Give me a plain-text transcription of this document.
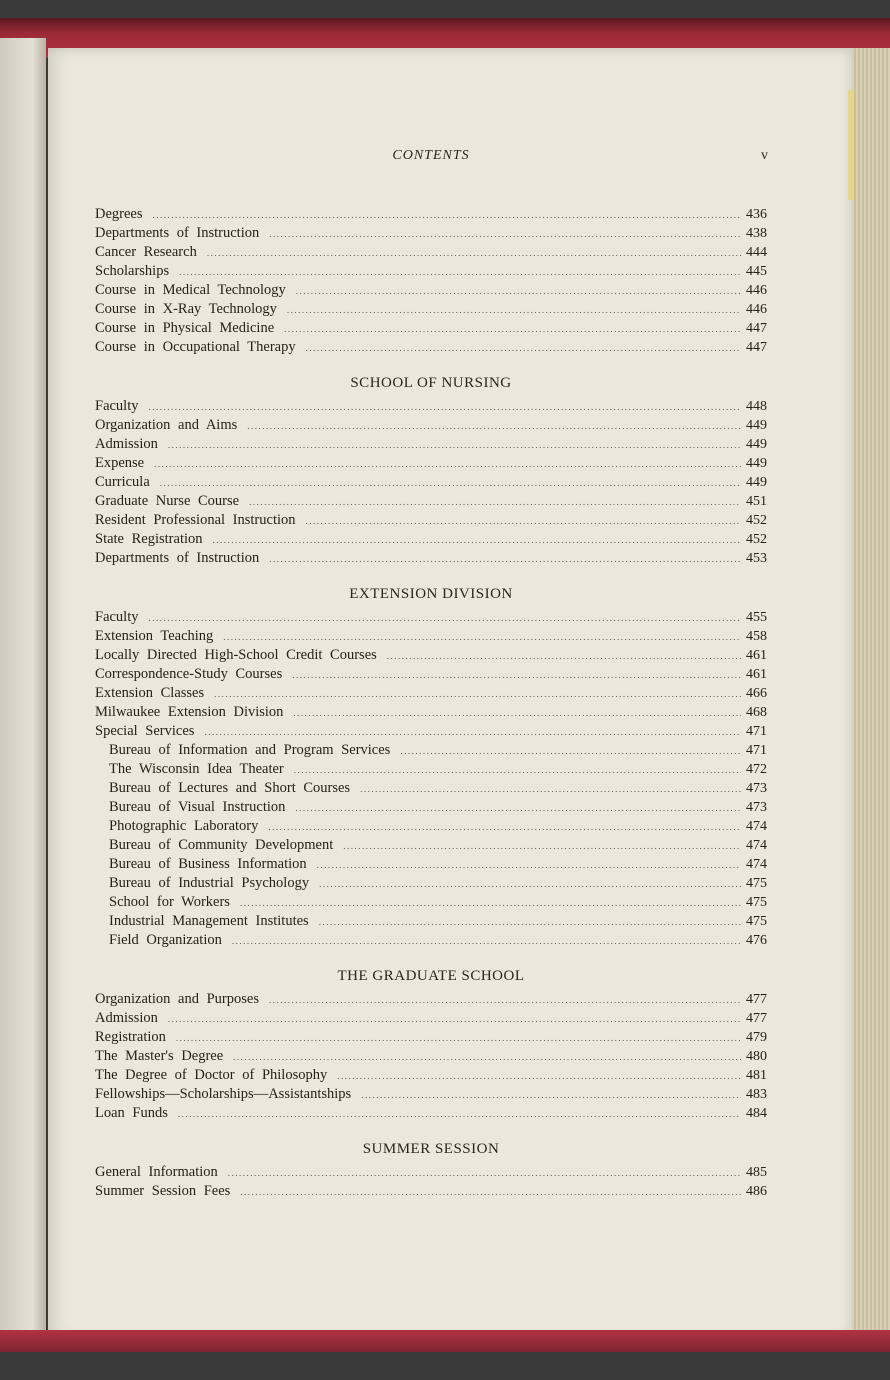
CONTENTS	v
Degrees .....	436
Departments of Instruction .....	438
Cancer Research .....	444
Scholarships .....	445
Course in Medical Technology .....	446
Course in X-Ray Technology .....	446
Course in Physical Medicine .....	447
Course in Occupational Therapy .....	447
SCHOOL OF NURSING
Faculty .....	448
Organization and Aims .....	449
Admission .....	449
Expense .....	449
Curricula .....	449
Graduate Nurse Course .....	451
Resident Professional Instruction .....	452
State Registration .....	452
Departments of Instruction .....	453
EXTENSION DIVISION
Faculty .....	455
Extension Teaching .....	458
Locally Directed High-School Credit Courses .....	461
Correspondence-Study Courses .....	461
Extension Classes .....	466
Milwaukee Extension Division .....	468
Special Services .....	471
Bureau of Information and Program Services .....	471
The Wisconsin Idea Theater .....	472
Bureau of Lectures and Short Courses .....	473
Bureau of Visual Instruction .....	473
Photographic Laboratory .....	474
Bureau of Community Development .....	474
Bureau of Business Information .....	474
Bureau of Industrial Psychology .....	475
School for Workers .....	475
Industrial Management Institutes .....	475
Field Organization .....	476
THE GRADUATE SCHOOL
Organization and Purposes .....	477
Admission .....	477
Registration .....	479
The Master's Degree .....	480
The Degree of Doctor of Philosophy .....	481
Fellowships—Scholarships—Assistantships .....	483
Loan Funds .....	484
SUMMER SESSION
General Information .....	485
Summer Session Fees .....	486
